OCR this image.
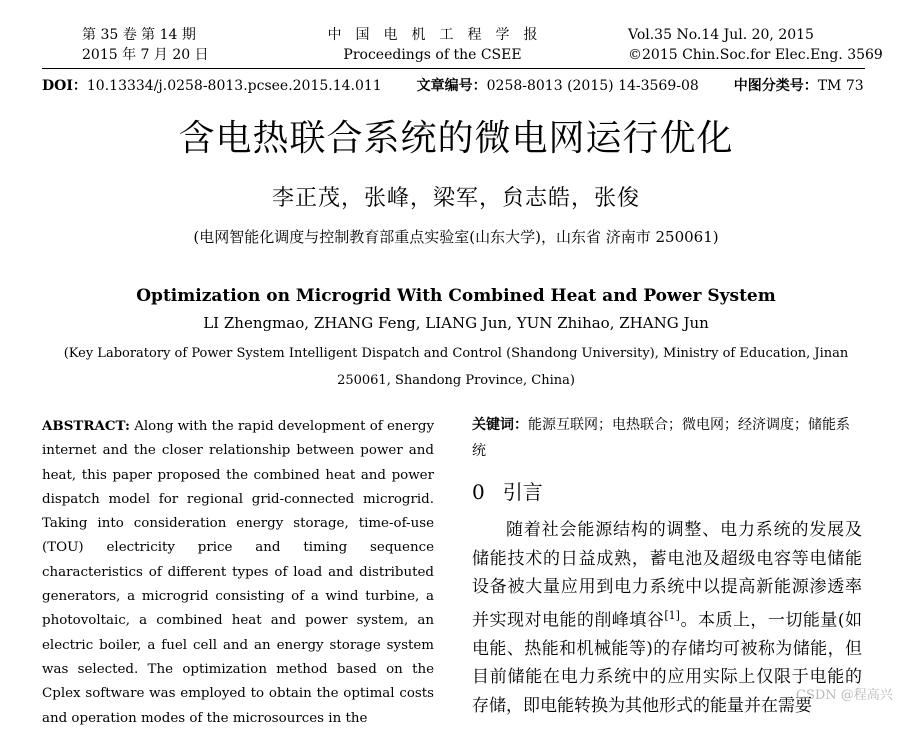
第 35 卷 第 14 期
2015 年 7 月 20 日
中　国　电　机　工　程　学　报
Proceedings of the CSEE
Vol.35 No.14 Jul. 20, 2015
©2015 Chin.Soc.for Elec.Eng. 3569
DOI：10.13334/j.0258-8013.pcsee.2015.14.011 文章编号：0258-8013 (2015) 14-3569-08 中图分类号：TM 73
含电热联合系统的微电网运行优化
李正茂，张峰，梁军，贠志皓，张俊
(电网智能化调度与控制教育部重点实验室(山东大学)，山东省 济南市 250061)
Optimization on Microgrid With Combined Heat and Power System
LI Zhengmao, ZHANG Feng, LIANG Jun, YUN Zhihao, ZHANG Jun
(Key Laboratory of Power System Intelligent Dispatch and Control (Shandong University), Ministry of Education, Jinan 250061, Shandong Province, China)
ABSTRACT: Along with the rapid development of energy internet and the closer relationship between power and heat, this paper proposed the combined heat and power dispatch model for regional grid-connected microgrid. Taking into consideration energy storage, time-of-use (TOU) electricity price and timing sequence characteristics of different types of load and distributed generators, a microgrid consisting of a wind turbine, a photovoltaic, a combined heat and power system, an electric boiler, a fuel cell and an energy storage system was selected. The optimization method based on the Cplex software was employed to obtain the optimal costs and operation modes of the microsources in the
关键词：能源互联网；电热联合；微电网；经济调度；储能系统
0 引言
随着社会能源结构的调整、电力系统的发展及储能技术的日益成熟，蓄电池及超级电容等电储能设备被大量应用到电力系统中以提高新能源渗透率并实现对电能的削峰填谷[1]。本质上，一切能量(如电能、热能和机械能等)的存储均可被称为储能，但目前储能在电力系统中的应用实际上仅限于电能的存储，即电能转换为其他形式的能量并在需要
CSDN @程高兴
